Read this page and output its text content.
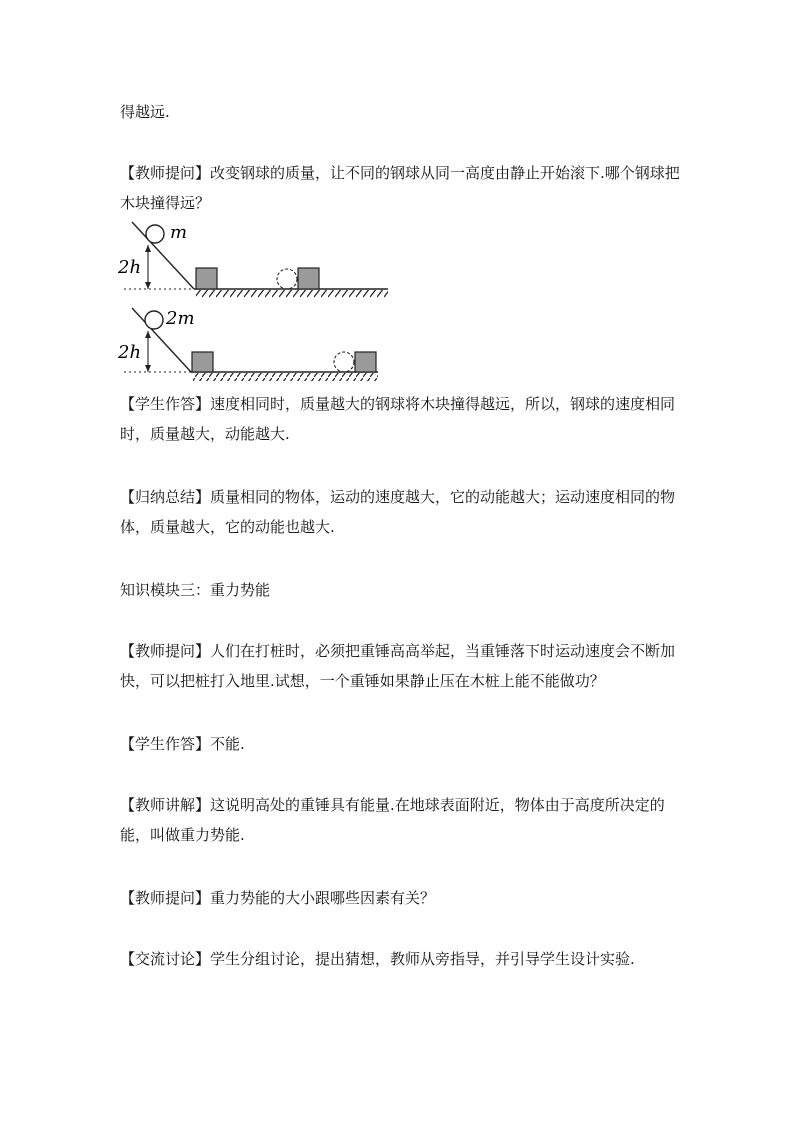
得越远.

【教师提问】改变钢球的质量，让不同的钢球从同一高度由静止开始滚下.哪个钢球把木块撞得远？

m
2h
2m
2h

【学生作答】速度相同时，质量越大的钢球将木块撞得越远，所以，钢球的速度相同时，质量越大，动能越大.

【归纳总结】质量相同的物体，运动的速度越大，它的动能越大；运动速度相同的物体，质量越大，它的动能也越大.

知识模块三：重力势能

【教师提问】人们在打桩时，必须把重锤高高举起，当重锤落下时运动速度会不断加快，可以把桩打入地里.试想，一个重锤如果静止压在木桩上能不能做功？

【学生作答】不能.

【教师讲解】这说明高处的重锤具有能量.在地球表面附近，物体由于高度所决定的能，叫做重力势能.

【教师提问】重力势能的大小跟哪些因素有关？

【交流讨论】学生分组讨论，提出猜想，教师从旁指导，并引导学生设计实验.
